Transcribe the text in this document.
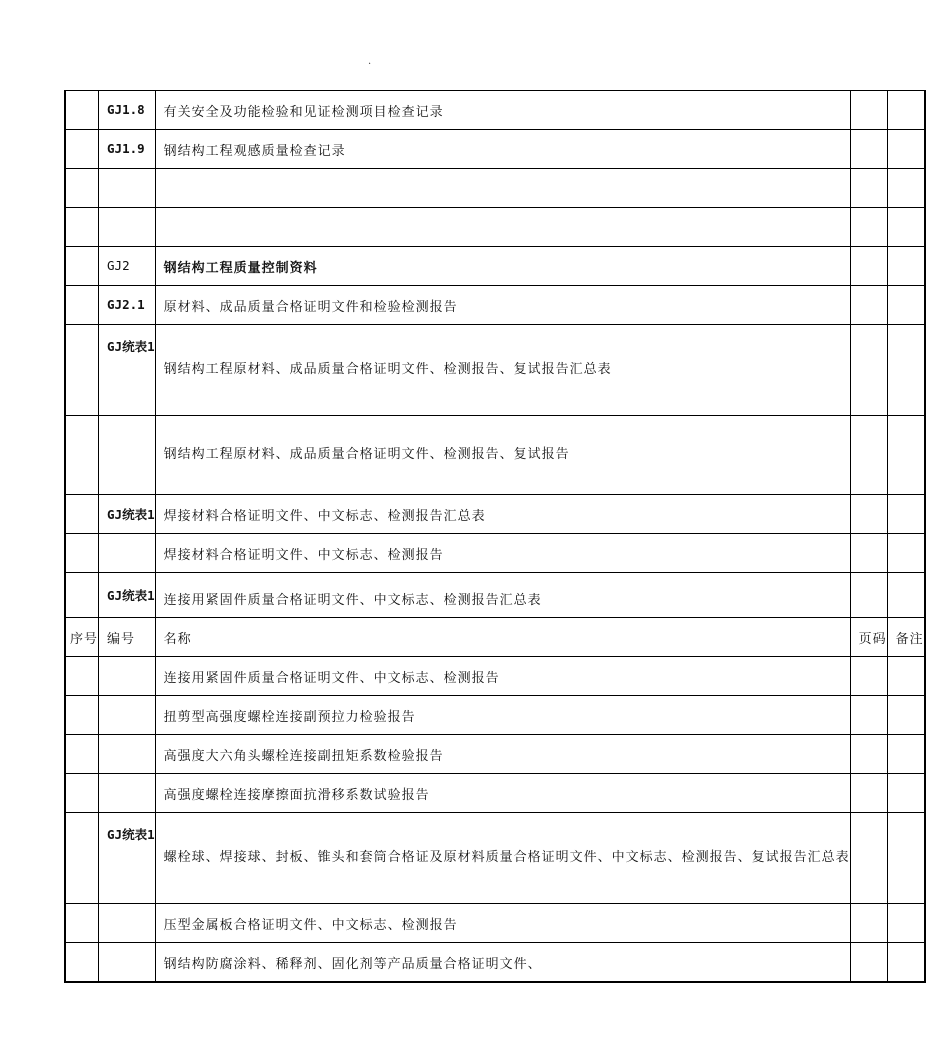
.
	GJ1.8	有关安全及功能检验和见证检测项目检查记录		
	GJ1.9	钢结构工程观感质量检查记录		

	GJ2	钢结构工程质量控制资料		
	GJ2.1	原材料、成品质量合格证明文件和检验检测报告		
	GJ统表1	钢结构工程原材料、成品质量合格证明文件、检测报告、复试报告汇总表		
		钢结构工程原材料、成品质量合格证明文件、检测报告、复试报告		
	GJ统表1	焊接材料合格证明文件、中文标志、检测报告汇总表		
		焊接材料合格证明文件、中文标志、检测报告		
	GJ统表1	连接用紧固件质量合格证明文件、中文标志、检测报告汇总表		
序号	编号	名称	页码	备注
		连接用紧固件质量合格证明文件、中文标志、检测报告		
		扭剪型高强度螺栓连接副预拉力检验报告		
		高强度大六角头螺栓连接副扭矩系数检验报告		
		高强度螺栓连接摩擦面抗滑移系数试验报告		
	GJ统表1	螺栓球、焊接球、封板、锥头和套筒合格证及原材料质量合格证明文件、中文标志、检测报告、复试报告汇总表		
		压型金属板合格证明文件、中文标志、检测报告		
		钢结构防腐涂料、稀释剂、固化剂等产品质量合格证明文件、		
